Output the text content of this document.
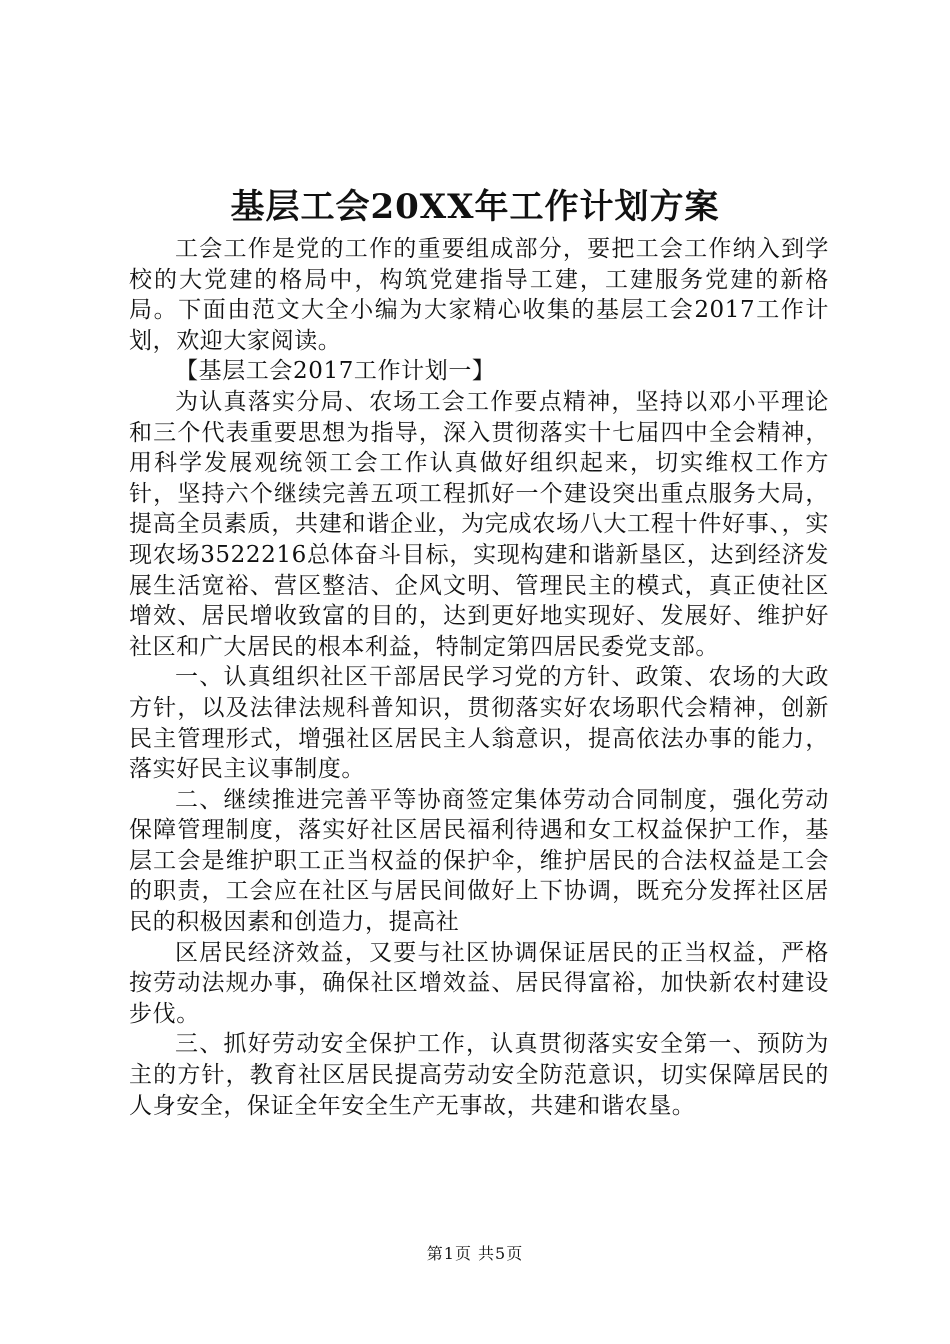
基层工会20XX年工作计划方案

工会工作是党的工作的重要组成部分，要把工会工作纳入到学校的大党建的格局中，构筑党建指导工建，工建服务党建的新格局。下面由范文大全小编为大家精心收集的基层工会2017工作计划，欢迎大家阅读。

【基层工会2017工作计划一】

为认真落实分局、农场工会工作要点精神，坚持以邓小平理论和三个代表重要思想为指导，深入贯彻落实十七届四中全会精神，用科学发展观统领工会工作认真做好组织起来，切实维权工作方针，坚持六个继续完善五项工程抓好一个建设突出重点服务大局，提高全员素质，共建和谐企业，为完成农场八大工程十件好事、，实现农场3522216总体奋斗目标，实现构建和谐新垦区，达到经济发展生活宽裕、营区整洁、企风文明、管理民主的模式，真正使社区增效、居民增收致富的目的，达到更好地实现好、发展好、维护好社区和广大居民的根本利益，特制定第四居民委党支部。

一、认真组织社区干部居民学习党的方针、政策、农场的大政方针，以及法律法规科普知识，贯彻落实好农场职代会精神，创新民主管理形式，增强社区居民主人翁意识，提高依法办事的能力，落实好民主议事制度。

二、继续推进完善平等协商签定集体劳动合同制度，强化劳动保障管理制度，落实好社区居民福利待遇和女工权益保护工作，基层工会是维护职工正当权益的保护伞，维护居民的合法权益是工会的职责，工会应在社区与居民间做好上下协调，既充分发挥社区居民的积极因素和创造力，提高社

区居民经济效益，又要与社区协调保证居民的正当权益，严格按劳动法规办事，确保社区增效益、居民得富裕，加快新农村建设步伐。

三、抓好劳动安全保护工作，认真贯彻落实安全第一、预防为主的方针，教育社区居民提高劳动安全防范意识，切实保障居民的人身安全，保证全年安全生产无事故，共建和谐农垦。

第1页 共5页
